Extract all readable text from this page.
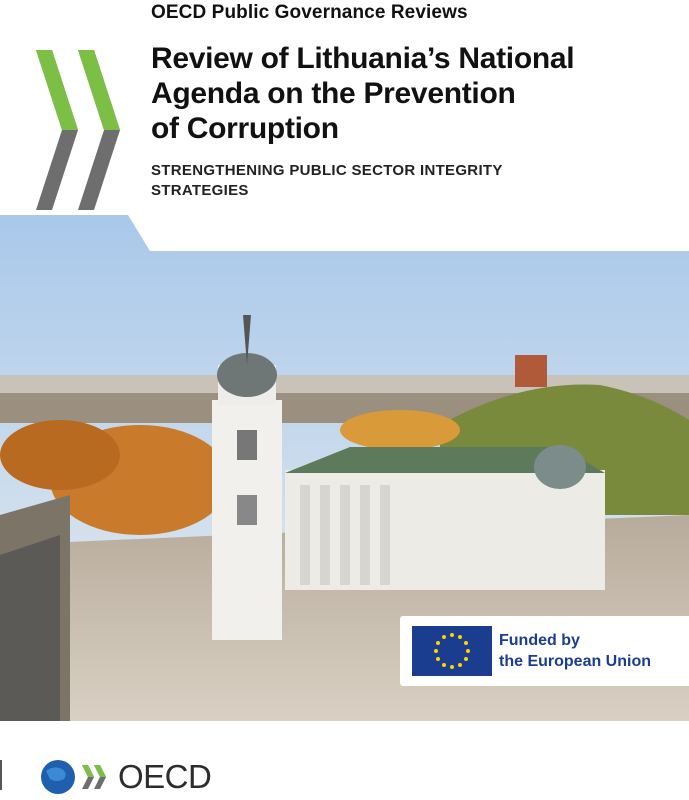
OECD Public Governance Reviews
Review of Lithuania’s National
Agenda on the Prevention
of Corruption
STRENGTHENING PUBLIC SECTOR INTEGRITY
STRATEGIES
Funded by
the European Union
OECD
